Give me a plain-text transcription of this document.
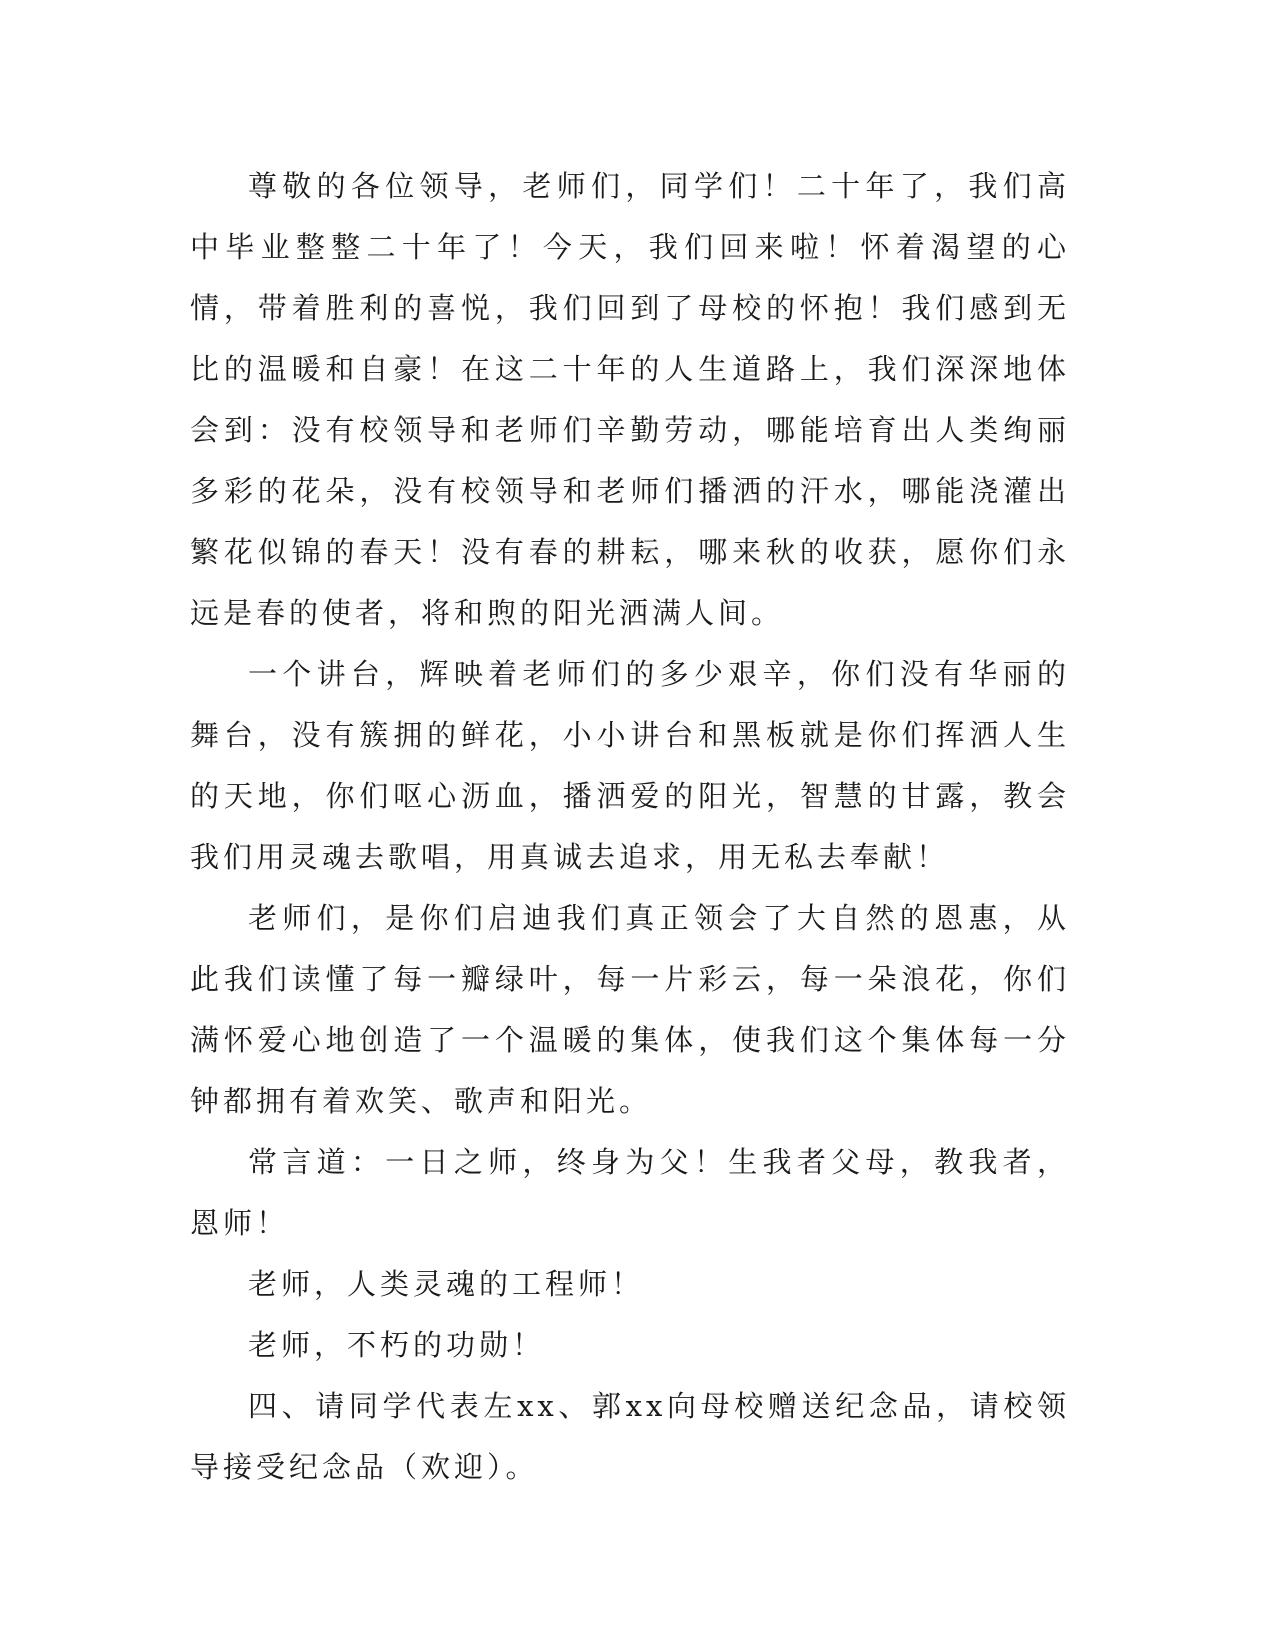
尊敬的各位领导，老师们，同学们！二十年了，我们高中毕业整整二十年了！今天，我们回来啦！怀着渴望的心情，带着胜利的喜悦，我们回到了母校的怀抱！我们感到无比的温暖和自豪！在这二十年的人生道路上，我们深深地体会到：没有校领导和老师们辛勤劳动，哪能培育出人类绚丽多彩的花朵，没有校领导和老师们播洒的汗水，哪能浇灌出繁花似锦的春天！没有春的耕耘，哪来秋的收获，愿你们永远是春的使者，将和煦的阳光洒满人间。

一个讲台，辉映着老师们的多少艰辛，你们没有华丽的舞台，没有簇拥的鲜花，小小讲台和黑板就是你们挥洒人生的天地，你们呕心沥血，播洒爱的阳光，智慧的甘露，教会我们用灵魂去歌唱，用真诚去追求，用无私去奉献！

老师们，是你们启迪我们真正领会了大自然的恩惠，从此我们读懂了每一瓣绿叶，每一片彩云，每一朵浪花，你们满怀爱心地创造了一个温暖的集体，使我们这个集体每一分钟都拥有着欢笑、歌声和阳光。

常言道：一日之师，终身为父！生我者父母，教我者，恩师！

老师，人类灵魂的工程师！

老师，不朽的功勋！

四、请同学代表左xx、郭xx向母校赠送纪念品，请校领导接受纪念品（欢迎）。
